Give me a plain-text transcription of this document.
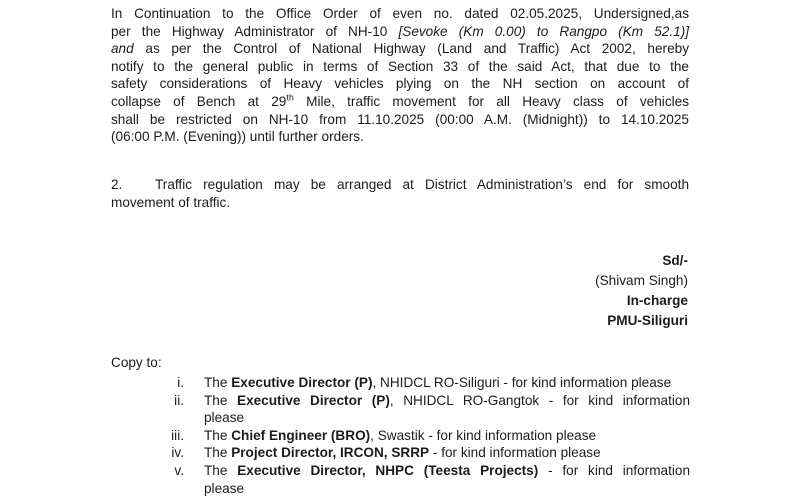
In Continuation to the Office Order of even no. dated 02.05.2025, Undersigned,as
per the Highway Administrator of NH-10 [Sevoke (Km 0.00) to Rangpo (Km 52.1)]
and as per the Control of National Highway (Land and Traffic) Act 2002, hereby
notify to the general public in terms of Section 33 of the said Act, that due to the
safety considerations of Heavy vehicles plying on the NH section on account of
collapse of Bench at 29th Mile, traffic movement for all Heavy class of vehicles
shall be restricted on NH-10 from 11.10.2025 (00:00 A.M. (Midnight)) to 14.10.2025
(06:00 P.M. (Evening)) until further orders.
2. Traffic regulation may be arranged at District Administration’s end for smooth
movement of traffic.
Sd/-
(Shivam Singh)
In-charge
PMU-Siliguri
Copy to:
i. The Executive Director (P), NHIDCL RO-Siliguri - for kind information please
ii. The Executive Director (P), NHIDCL RO-Gangtok - for kind information
please
iii. The Chief Engineer (BRO), Swastik - for kind information please
iv. The Project Director, IRCON, SRRP - for kind information please
v. The Executive Director, NHPC (Teesta Projects) - for kind information
please
